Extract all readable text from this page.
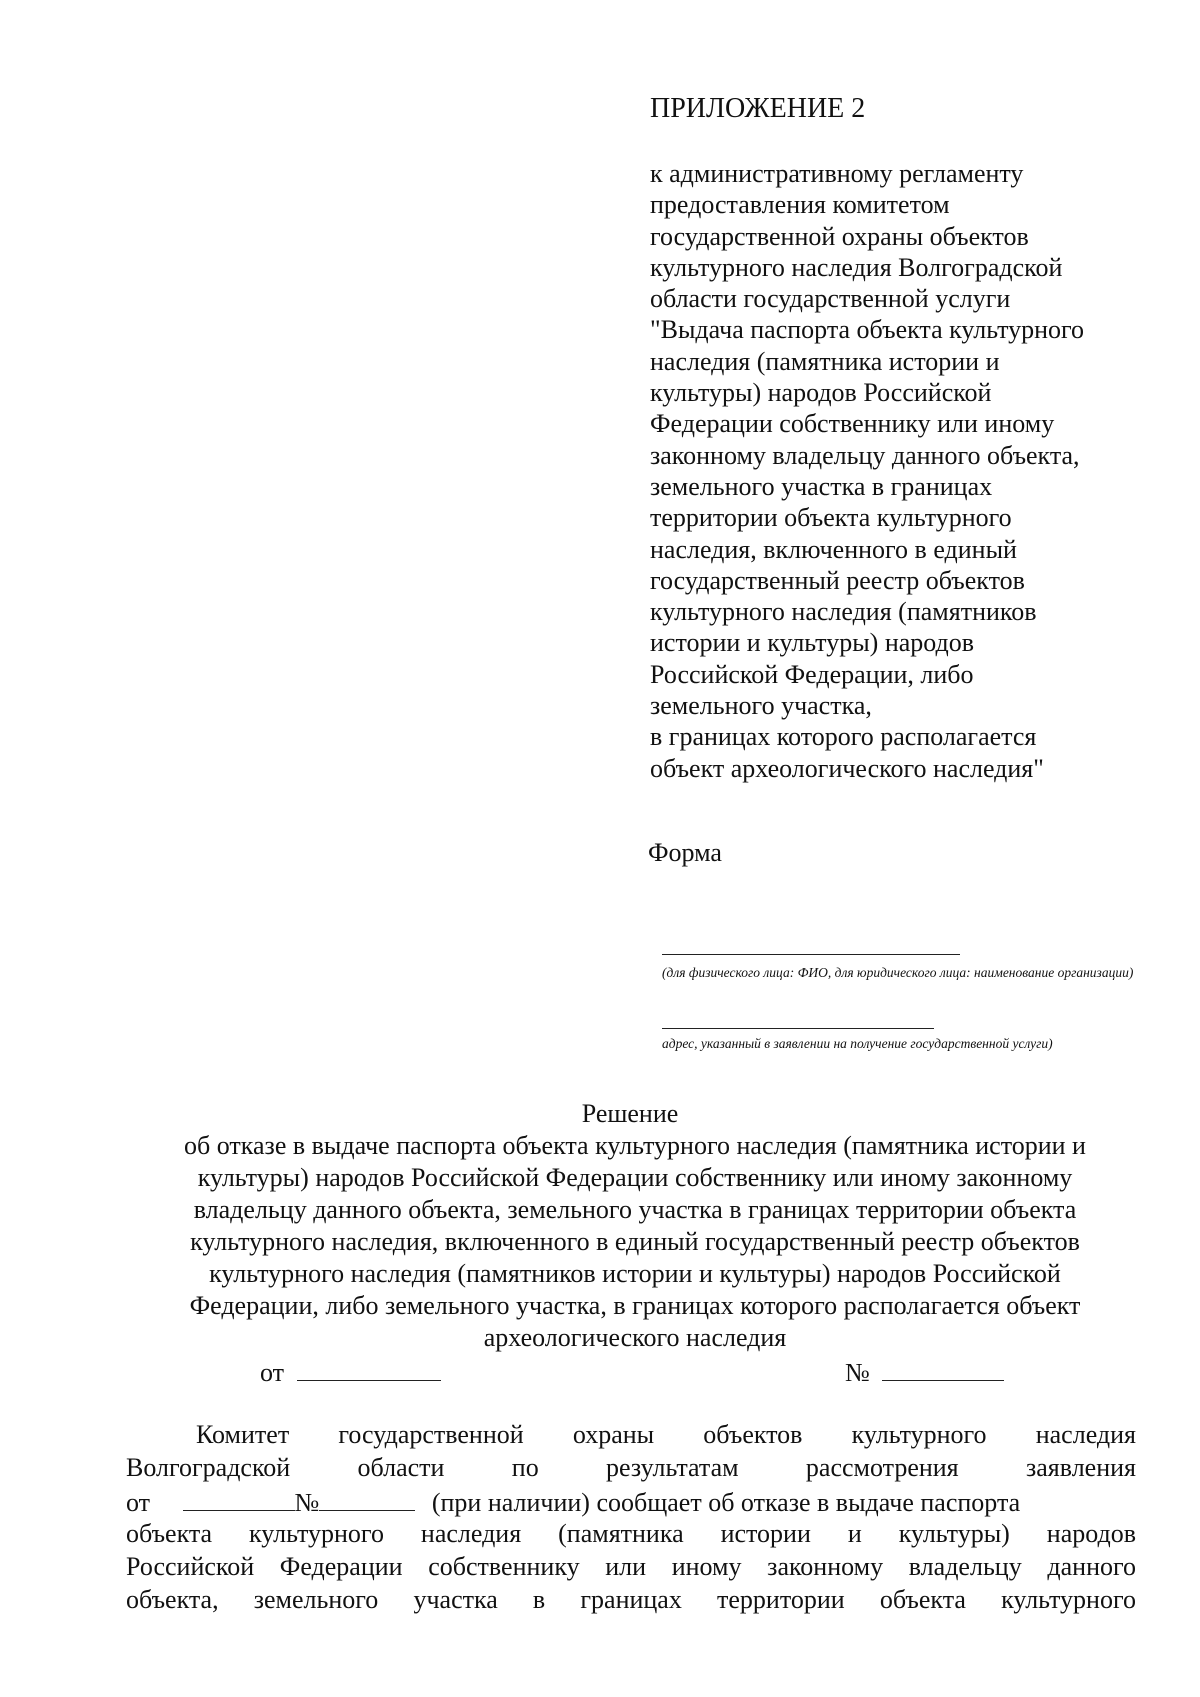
ПРИЛОЖЕНИЕ 2
к административному регламенту
предоставления комитетом
государственной охраны объектов
культурного наследия Волгоградской
области государственной услуги
"Выдача паспорта объекта культурного
наследия (памятника истории и
культуры) народов Российской
Федерации собственнику или иному
законному владельцу данного объекта,
земельного участка в границах
территории объекта культурного
наследия, включенного в единый
государственный реестр объектов
культурного наследия (памятников
истории и культуры) народов
Российской Федерации, либо
земельного участка,
в границах которого располагается
объект археологического наследия"
Форма
(для физического лица: ФИО, для юридического лица: наименование организации)
адрес, указанный в заявлении на получение государственной услуги)
Решение
об отказе в выдаче паспорта объекта культурного наследия (памятника истории и
культуры) народов Российской Федерации собственнику или иному законному
владельцу данного объекта, земельного участка в границах территории объекта
культурного наследия, включенного в единый государственный реестр объектов
культурного наследия (памятников истории и культуры) народов Российской
Федерации, либо земельного участка, в границах которого располагается объект
археологического наследия
от	№
Комитет государственной охраны объектов культурного наследия
Волгоградской области по результатам рассмотрения заявления
от	№	(при наличии) сообщает об отказе в выдаче паспорта
объекта культурного наследия (памятника истории и культуры) народов
Российской Федерации собственнику или иному законному владельцу данного
объекта, земельного участка в границах территории объекта культурного
